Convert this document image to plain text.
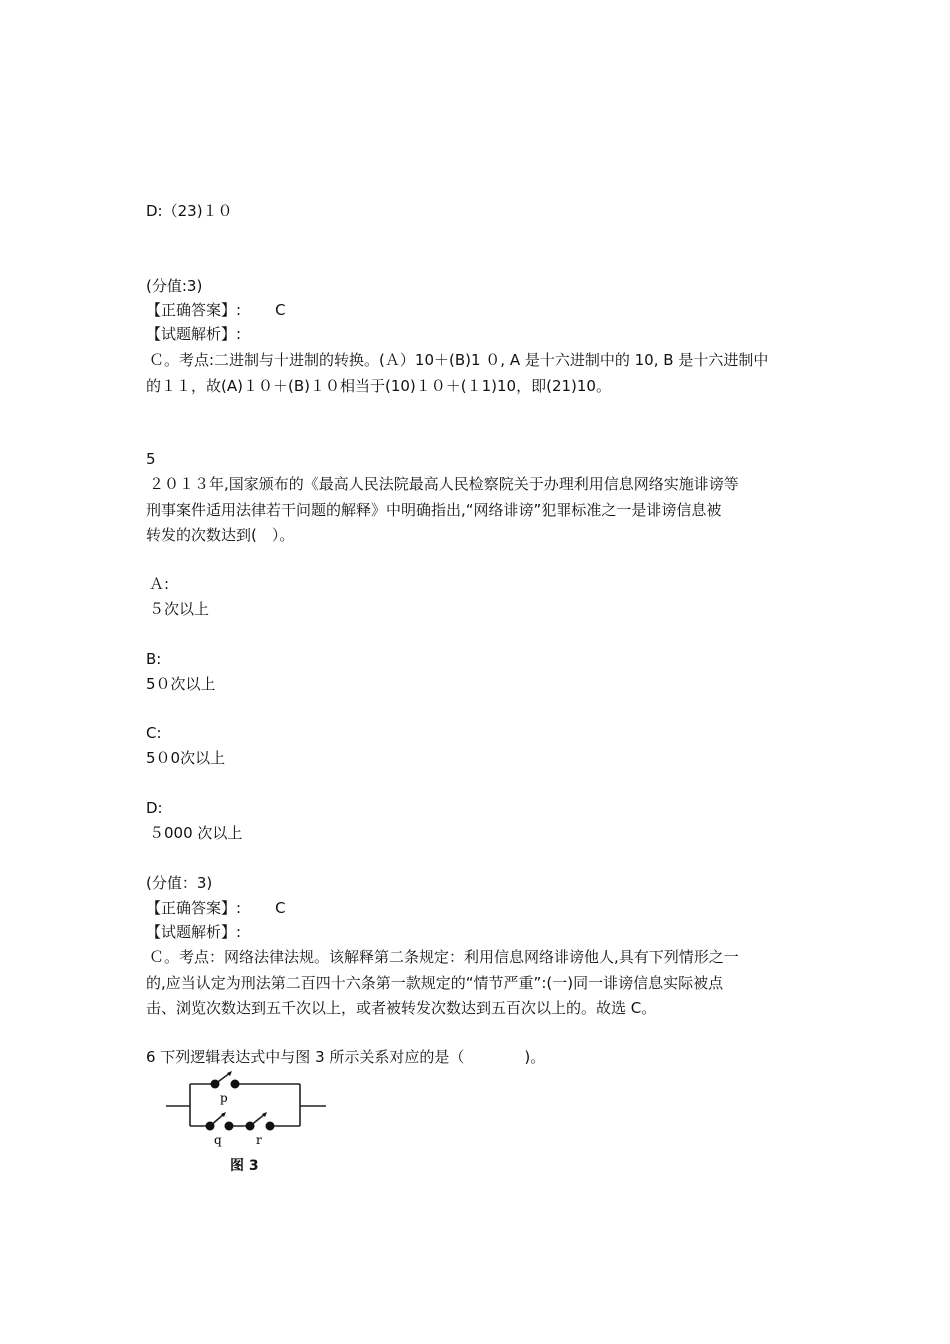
D:（23)１０
(分值:3)
【正确答案】: C
【试题解析】:
Ｃ。考点:二进制与十进制的转换。(Ａ）10＋(B)1 ０, A 是十六进制中的 10, B 是十六进制中
的１１，故(A)１０＋(B)１０相当于(10)１０＋(１1)10，即(21)10。
5
２０１３年,国家颁布的《最高人民法院最高人民检察院关于办理利用信息网络实施诽谤等
刑事案件适用法律若干问题的解释》中明确指出,“网络诽谤”犯罪标准之一是诽谤信息被
转发的次数达到(　）。
Ａ:
５次以上
B:
5０次以上
C:
5０0次以上
D:
５000 次以上
(分值：3)
【正确答案】: C
【试题解析】:
Ｃ。考点：网络法律法规。该解释第二条规定：利用信息网络诽谤他人,具有下列情形之一
的,应当认定为刑法第二百四十六条第一款规定的“情节严重”:(一)同一诽谤信息实际被点
击、浏览次数达到五千次以上，或者被转发次数达到五百次以上的。故选 C。
6 下列逻辑表达式中与图 3 所示关系对应的是（　　　　)。
p
q	r
图 3
